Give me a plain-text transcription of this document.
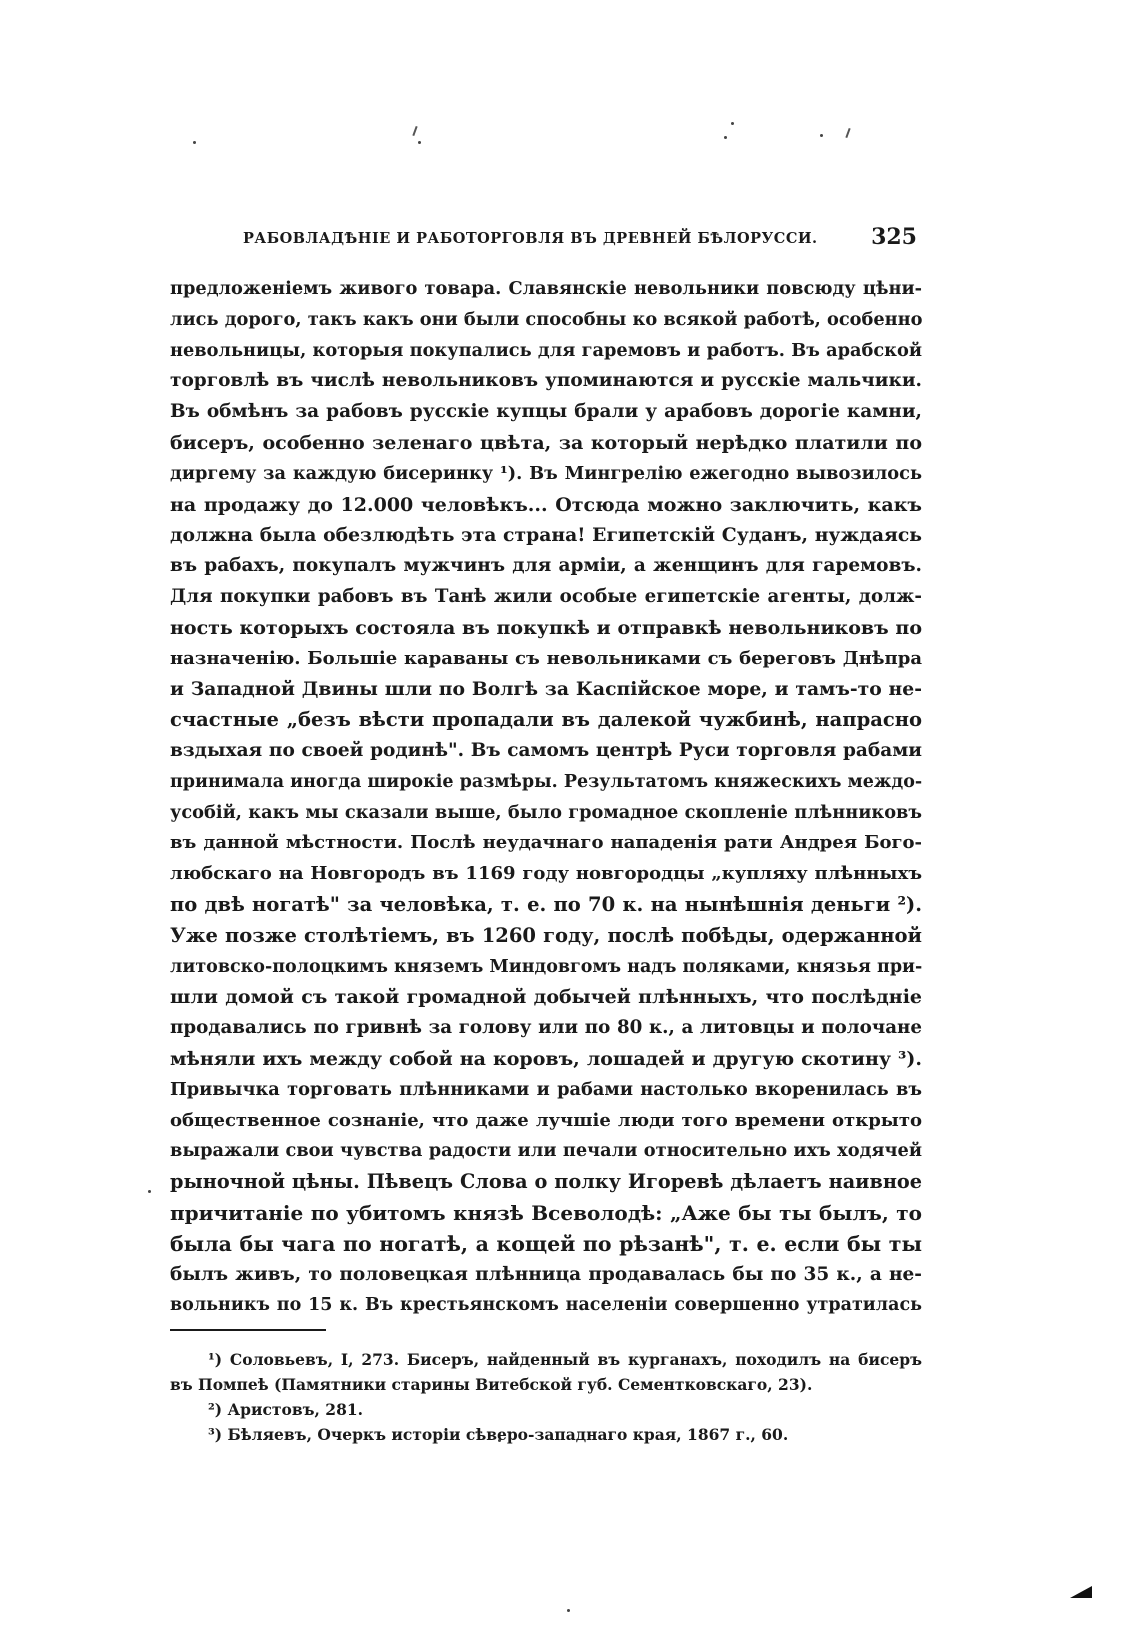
РАБОВЛАДѢНІЕ И РАБОТОРГОВЛЯ ВЪ ДРЕВНЕЙ БѢЛОРУССИ. 325
предложеніемъ живого товара. Славянскіе невольники повсюду цѣни-
лись дорого, такъ какъ они были способны ко всякой работѣ, особенно
невольницы, которыя покупались для гаремовъ и работъ. Въ арабской
торговлѣ въ числѣ невольниковъ упоминаются и русскіе мальчики.
Въ обмѣнъ за рабовъ русскіе купцы брали у арабовъ дорогіе камни,
бисеръ, особенно зеленаго цвѣта, за который нерѣдко платили по
диргему за каждую бисеринку ¹). Въ Мингрелію ежегодно вывозилось
на продажу до 12.000 человѣкъ... Отсюда можно заключить, какъ
должна была обезлюдѣть эта страна! Египетскій Суданъ, нуждаясь
въ рабахъ, покупалъ мужчинъ для арміи, а женщинъ для гаремовъ.
Для покупки рабовъ въ Танѣ жили особые египетскіе агенты, долж-
ность которыхъ состояла въ покупкѣ и отправкѣ невольниковъ по
назначенію. Большіе караваны съ невольниками съ береговъ Днѣпра
и Западной Двины шли по Волгѣ за Каспійское море, и тамъ-то не-
счастные „безъ вѣсти пропадали въ далекой чужбинѣ, напрасно
вздыхая по своей родинѣ". Въ самомъ центрѣ Руси торговля рабами
принимала иногда широкіе размѣры. Результатомъ княжескихъ междо-
усобій, какъ мы сказали выше, было громадное скопленіе плѣнниковъ
въ данной мѣстности. Послѣ неудачнаго нападенія рати Андрея Бого-
любскаго на Новгородъ въ 1169 году новгородцы „купляху плѣнныхъ
по двѣ ногатѣ" за человѣка, т. е. по 70 к. на нынѣшнія деньги ²).
Уже позже столѣтіемъ, въ 1260 году, послѣ побѣды, одержанной
литовско-полоцкимъ княземъ Миндовгомъ надъ поляками, князья при-
шли домой съ такой громадной добычей плѣнныхъ, что послѣдніе
продавались по гривнѣ за голову или по 80 к., а литовцы и полочане
мѣняли ихъ между собой на коровъ, лошадей и другую скотину ³).
Привычка торговать плѣнниками и рабами настолько вкоренилась въ
общественное сознаніе, что даже лучшіе люди того времени открыто
выражали свои чувства радости или печали относительно ихъ ходячей
рыночной цѣны. Пѣвецъ Слова о полку Игоревѣ дѣлаетъ наивное
причитаніе по убитомъ князѣ Всеволодѣ: „Аже бы ты былъ, то
была бы чага по ногатѣ, а кощей по рѣзанѣ", т. е. если бы ты
былъ живъ, то половецкая плѣнница продавалась бы по 35 к., а не-
вольникъ по 15 к. Въ крестьянскомъ населеніи совершенно утратилась
¹) Соловьевъ, I, 273. Бисеръ, найденный въ курганахъ, походилъ на бисеръ
въ Помпеѣ (Памятники старины Витебской губ. Сементковскаго, 23).
²) Аристовъ, 281.
³) Бѣляевъ, Очеркъ исторіи сѣверо-западнаго края, 1867 г., 60.
